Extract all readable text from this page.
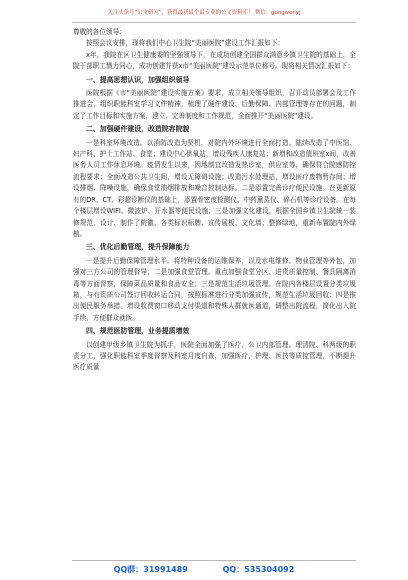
关注头条号“公文研究”，获得最新最全最专业的公文资料库！ 微信：gongwenyj

尊敬的各位领导：

按照会议安排，现将我们中心卫生院“美丽医院”建设工作汇报如下：

x年，我院在区卫生健康委的坚强领导下，在成功创建全国群众满意乡镇卫生院的基础上，全院干部职工戮力同心，成功创建并获x市“美丽医院”建设示范单位称号。现将相关情况汇报如下：

一、提高思想认识，加强组织领导

医院根据《市“美丽医院”建设实施方案》要求，成立相关领导组织，召开动员部署会及工作推进会，组织职能科室学习文件精神，梳理了硬件建设、后勤保障、内部管理等存在的问题，制定了工作目标和实施方案，建立、完善制度和工作规范，全面推开“美丽医院”建设。

二、加强硬件建设，改造院容院貌

一是科室环境改造。以消防改造为契机，对院内外环境进行全面打造。陆续改造了中医馆、妇产科、护士工作站、食堂；建设中心供氧站，增设残疾人康复站；新增和改造值班室x间，改善医务人员工作休息环境。疫情发生以来，因地制宜改造发热诊室，供应室等，确保符合院感防控流程要求；全面改造公共卫生间，增设无障碍设施；改造污水处理站，增设医疗废物暂存间；增设排烟、降噪设施，确保食堂油烟排放和噪音控制达标。二是添置完善诊疗便民设施。在更新原有的DR、CT、彩超诊断仪的基础上，添置骨密度检测仪、中药熏蒸仪、碎石机等诊疗设备。在每个楼层增设WIFI、微波炉、开水器等便民设施；三是加强文化建设。根据全国乡镇卫生院统一装修规范，设计、制作了院徽、各类标识标牌、宣传展板、文化墙；整修绿地，重新布置院内外绿植。

三、优化后勤管理，提升保障能力

一是提升后勤保障管理水平。将特种设备的运维保养，以及水电维修、物业管理等外包，加强对三方公司的管理督导；二是加强食堂管理。重点加强食堂分区、进货质量控制、餐具隔离消毒等方面督察，保障菜品质量和食品安全；三是规范生活垃圾管理。在院内各楼层设置分类垃圾箱，与有资质公司签订回收转运合同，按照标准进行分类加强宣传，规范生活垃圾回收；四是推出便民服务举措。增设收费窗口移动支付渠道和特殊人群就医通道，调整出院流程，简化出入院手续，方便群众就医。

四、规范医防管理，业务提质增效

以创建甲级乡镇卫生院为抓手，医院全面加强了医疗、公卫内部管理。理清院、科两级的职责分工，强化职能科室季度督察及科室月度自查，加强医疗、护理、医技等质控管理，不断提升医疗质量

QQ群：31991489	QQ：535304092
